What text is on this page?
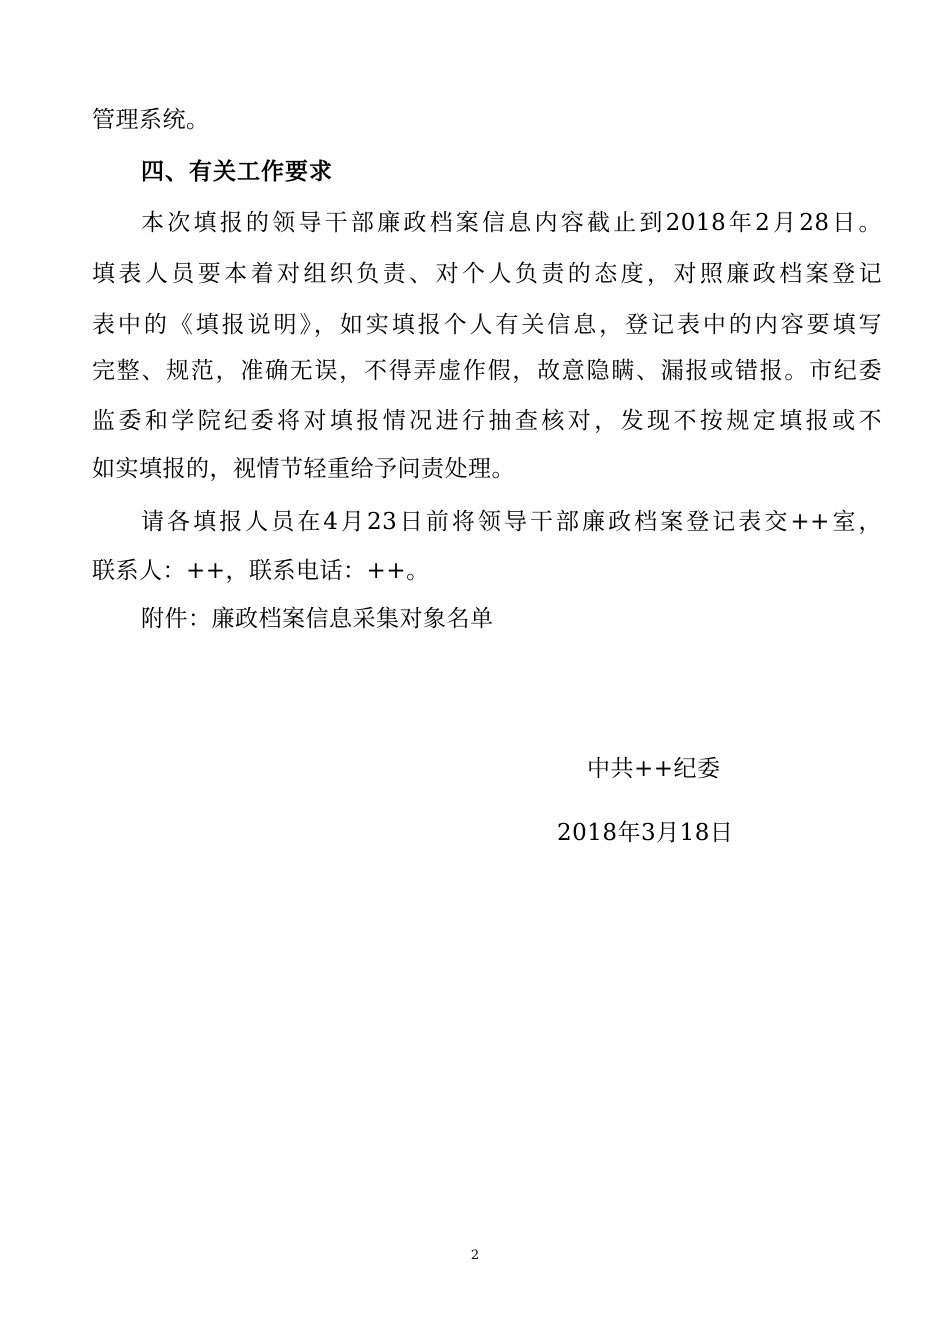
管理系统。
四、有关工作要求
本次填报的领导干部廉政档案信息内容截止到2018年2月28日。
填表人员要本着对组织负责、对个人负责的态度，对照廉政档案登记
表中的《填报说明》，如实填报个人有关信息，登记表中的内容要填写
完整、规范，准确无误，不得弄虚作假，故意隐瞒、漏报或错报。市纪委
监委和学院纪委将对填报情况进行抽查核对，发现不按规定填报或不
如实填报的，视情节轻重给予问责处理。
请各填报人员在4月23日前将领导干部廉政档案登记表交++室，
联系人：++，联系电话：++。
附件：廉政档案信息采集对象名单
中共++纪委
2018年3月18日
2
